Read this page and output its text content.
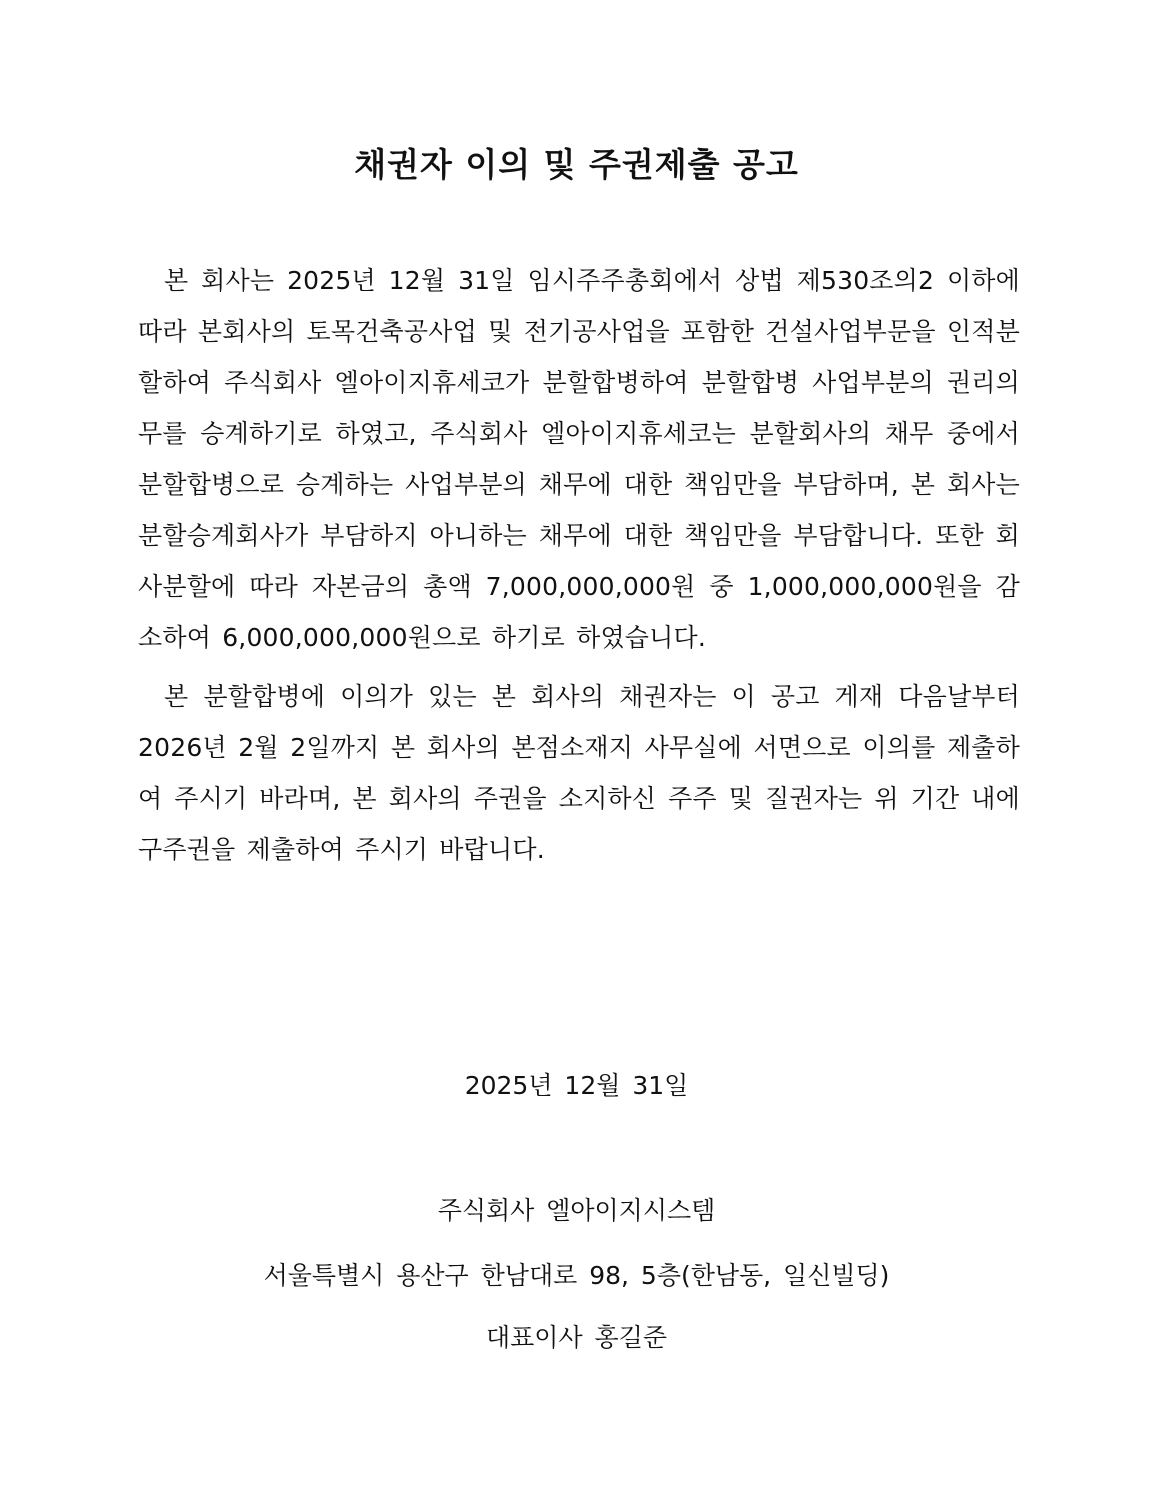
채권자 이의 및 주권제출 공고

본 회사는 2025년 12월 31일 임시주주총회에서 상법 제530조의2 이하에 따라 본회사의 토목건축공사업 및 전기공사업을 포함한 건설사업부문을 인적분할하여 주식회사 엘아이지휴세코가 분할합병하여 분할합병 사업부분의 권리의무를 승계하기로 하였고, 주식회사 엘아이지휴세코는 분할회사의 채무 중에서 분할합병으로 승계하는 사업부분의 채무에 대한 책임만을 부담하며, 본 회사는 분할승계회사가 부담하지 아니하는 채무에 대한 책임만을 부담합니다. 또한 회사분할에 따라 자본금의 총액 7,000,000,000원 중 1,000,000,000원을 감소하여 6,000,000,000원으로 하기로 하였습니다.

본 분할합병에 이의가 있는 본 회사의 채권자는 이 공고 게재 다음날부터 2026년 2월 2일까지 본 회사의 본점소재지 사무실에 서면으로 이의를 제출하여 주시기 바라며, 본 회사의 주권을 소지하신 주주 및 질권자는 위 기간 내에 구주권을 제출하여 주시기 바랍니다.

2025년 12월 31일
주식회사 엘아이지시스템
서울특별시 용산구 한남대로 98, 5층(한남동, 일신빌딩)
대표이사 홍길준
